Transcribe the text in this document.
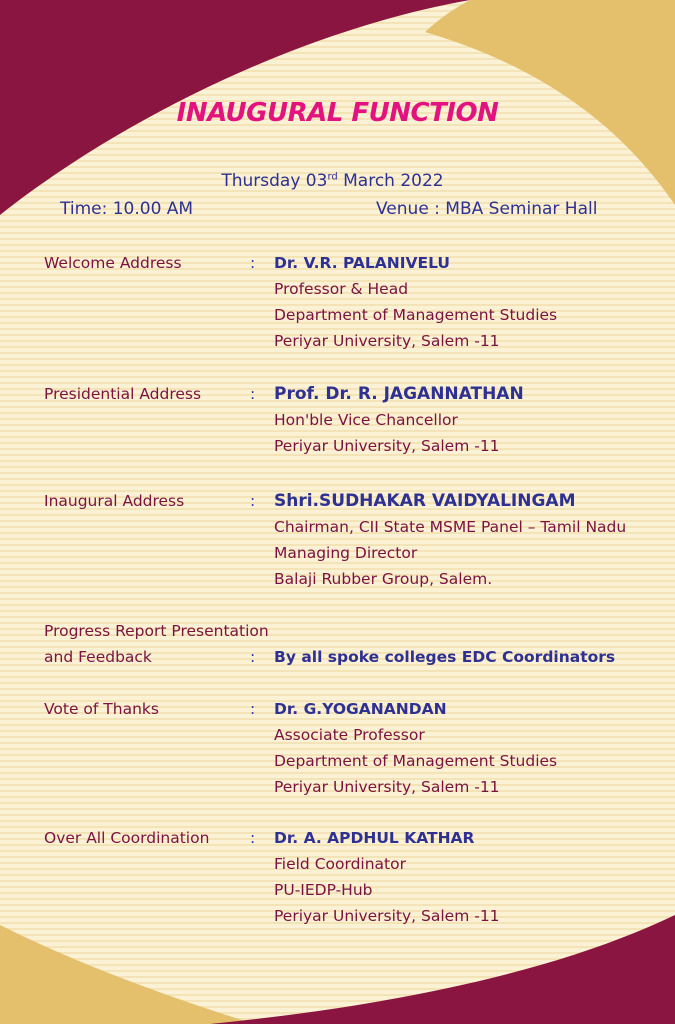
INAUGURAL FUNCTION
Thursday 03rd March 2022
Time: 10.00 AM	Venue : MBA Seminar Hall
Welcome Address	: Dr. V.R. PALANIVELU
Professor & Head
Department of Management Studies
Periyar University, Salem -11
Presidential Address	: Prof. Dr. R. JAGANNATHAN
Hon'ble Vice Chancellor
Periyar University, Salem -11
Inaugural Address	: Shri.SUDHAKAR VAIDYALINGAM
Chairman, CII State MSME Panel – Tamil Nadu
Managing Director
Balaji Rubber Group, Salem.
Progress Report Presentation
and Feedback	: By all spoke colleges EDC Coordinators
Vote of Thanks	: Dr. G.YOGANANDAN
Associate Professor
Department of Management Studies
Periyar University, Salem -11
Over All Coordination	: Dr. A. APDHUL KATHAR
Field Coordinator
PU-IEDP-Hub
Periyar University, Salem -11
